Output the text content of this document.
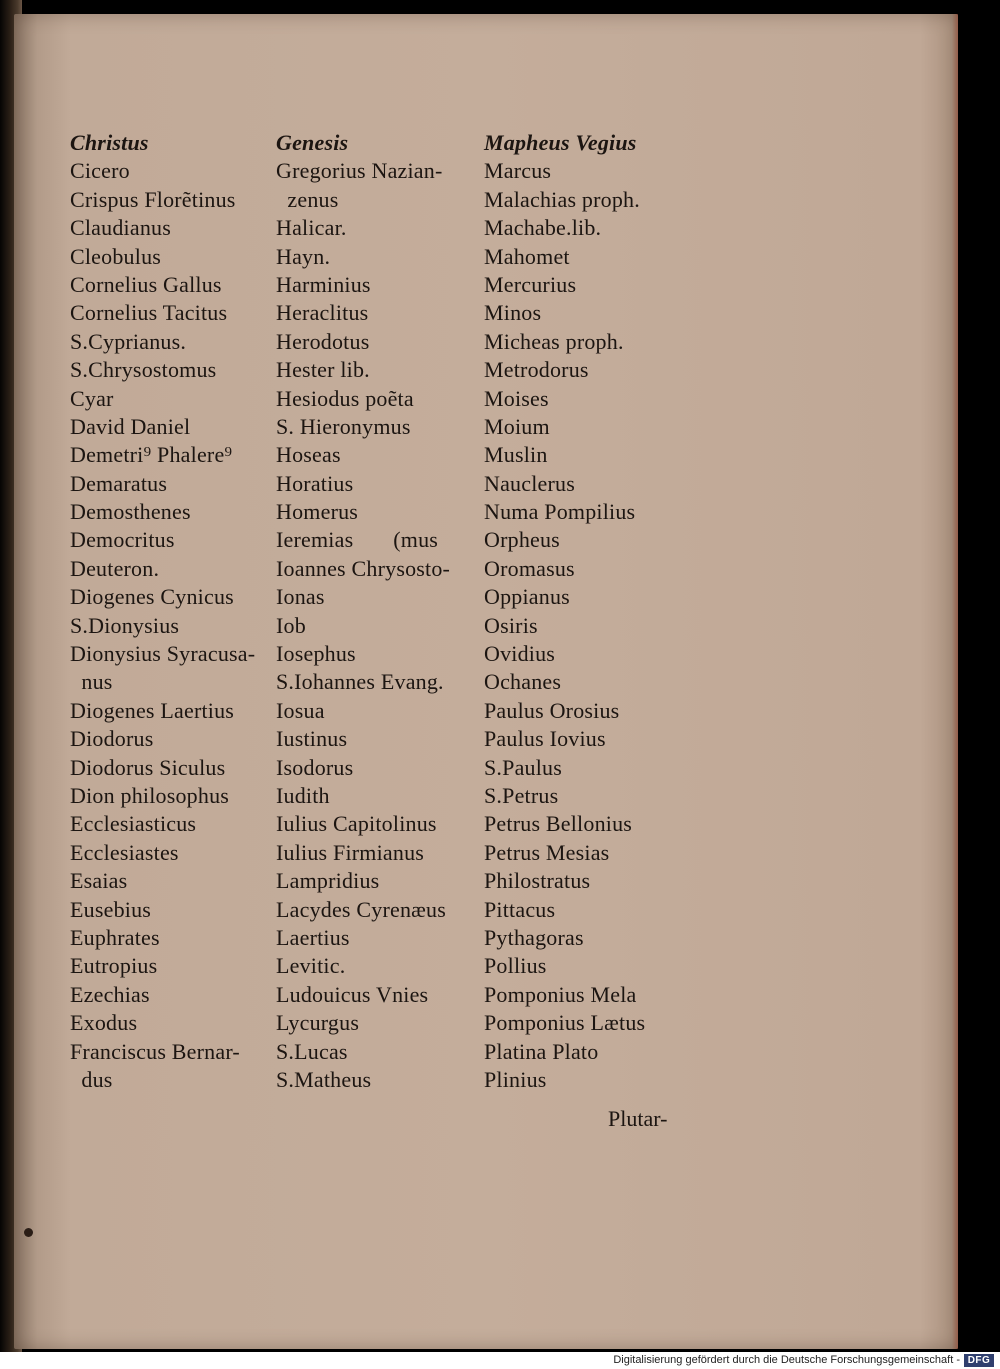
Christus
Cicero
Crispus Florẽtinus
Claudianus
Cleobulus
Cornelius Gallus
Cornelius Tacitus
S.Cyprianus.
S.Chrysostomus
Cyar
David Daniel
Demetri⁹ Phalere⁹
Demaratus
Demosthenes
Democritus
Deuteron.
Diogenes Cynicus
S.Dionysius
Dionysius Syracusa-
nus
Diogenes Laertius
Diodorus
Diodorus Siculus
Dion philosophus
Ecclesiasticus
Ecclesiastes
Esaias
Eusebius
Euphrates
Eutropius
Ezechias
Exodus
Franciscus Bernar-
dus
Genesis
Gregorius Nazian-
zenus
Halicar.
Hayn.
Harminius
Heraclitus
Herodotus
Hester lib.
Hesiodus poẽta
S. Hieronymus
Hoseas
Horatius
Homerus
Ieremias       (mus
Ioannes Chrysosto-
Ionas
Iob
Iosephus
S.Iohannes Evang.
Iosua
Iustinus
Isodorus
Iudith
Iulius Capitolinus
Iulius Firmianus
Lampridius
Lacydes Cyrenæus
Laertius
Levitic.
Ludouicus Vnies
Lycurgus
S.Lucas
S.Matheus
Mapheus Vegius
Marcus
Malachias proph.
Machabe.lib.
Mahomet
Mercurius
Minos
Micheas proph.
Metrodorus
Moises
Moium
Muslin
Nauclerus
Numa Pompilius
Orpheus
Oromasus
Oppianus
Osiris
Ovidius
Ochanes
Paulus Orosius
Paulus Iovius
S.Paulus
S.Petrus
Petrus Bellonius
Petrus Mesias
Philostratus
Pittacus
Pythagoras
Pollius
Pomponius Mela
Pomponius Lætus
Platina Plato
Plinius
Plutar-
Digitalisierung gefördert durch die Deutsche Forschungsgemeinschaft - DFG
